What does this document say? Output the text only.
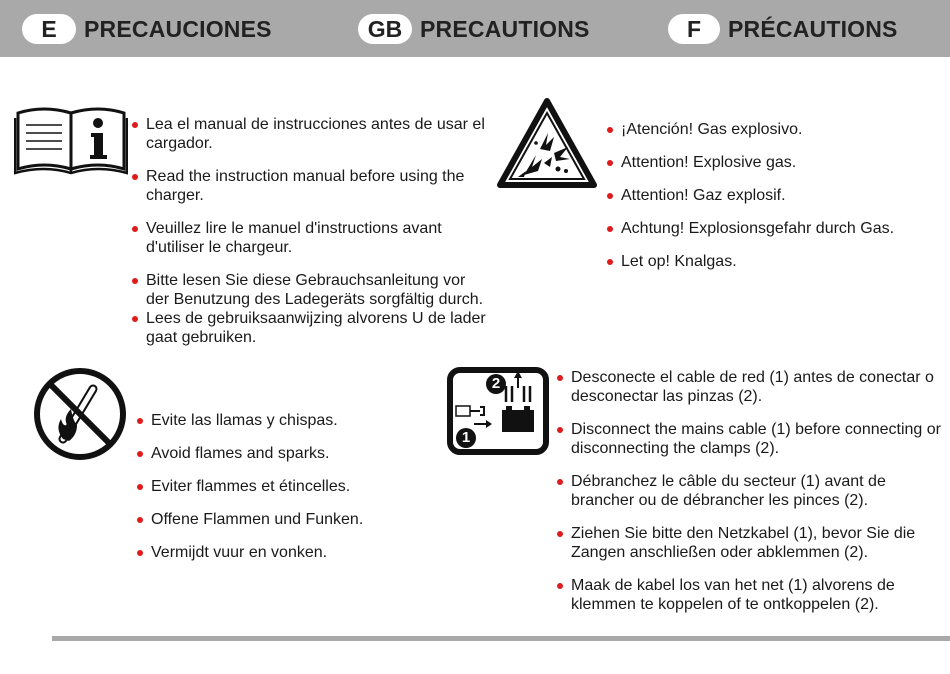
E	PRECAUCIONES	GB PRECAUTIONS	F	PRÉCAUTIONS
Lea el manual de instrucciones antes de usar el cargador.
Read the instruction manual before using the charger.
Veuillez lire le manuel d'instructions avant d'utiliser le chargeur.
Bitte lesen Sie diese Gebrauchsanleitung vor der Benutzung des Ladegeräts sorgfältig durch.
Lees de gebruiksaanwijzing alvorens U de lader gaat gebruiken.
¡Atención! Gas explosivo.
Attention! Explosive gas.
Attention! Gaz explosif.
Achtung! Explosionsgefahr durch Gas.
Let op! Knalgas.
Evite las llamas y chispas.
Avoid flames and sparks.
Eviter flammes et étincelles.
Offene Flammen und Funken.
Vermijdt vuur en vonken.
1
2	Desconecte el cable de red (1) antes de conectar o desconectar las pinzas (2).
Disconnect the mains cable (1) before connecting or disconnecting the clamps (2).
Débranchez le câble du secteur (1) avant de brancher ou de débrancher les pinces (2).
Ziehen Sie bitte den Netzkabel (1), bevor Sie die Zangen anschließen oder abklemmen (2).
Maak de kabel los van het net (1) alvorens de klemmen te koppelen of te ontkoppelen (2).
